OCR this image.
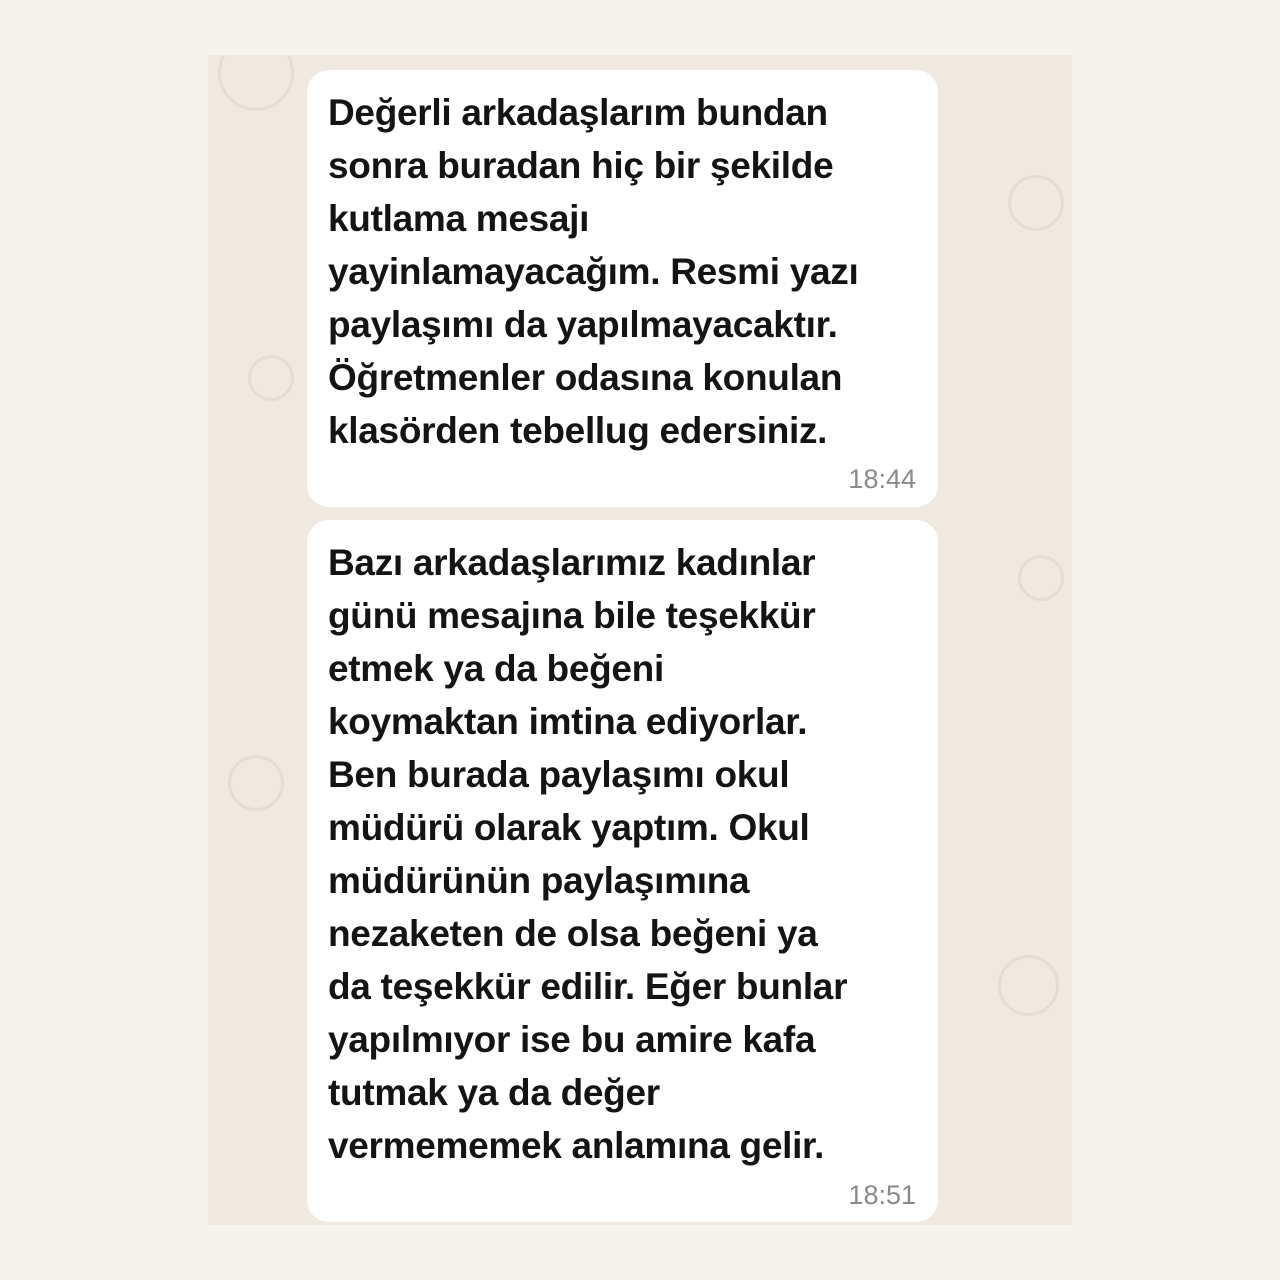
Değerli arkadaşlarım bundan
sonra buradan hiç bir şekilde
kutlama mesajı
yayinlamayacağım. Resmi yazı
paylaşımı da yapılmayacaktır.
Öğretmenler odasına konulan
klasörden tebellug edersiniz.
18:44
Bazı arkadaşlarımız kadınlar
günü mesajına bile teşekkür
etmek ya da beğeni
koymaktan imtina ediyorlar.
Ben burada paylaşımı okul
müdürü olarak yaptım. Okul
müdürünün paylaşımına
nezaketen de olsa beğeni ya
da teşekkür edilir. Eğer bunlar
yapılmıyor ise bu amire kafa
tutmak ya da değer
vermememek anlamına gelir.
18:51
